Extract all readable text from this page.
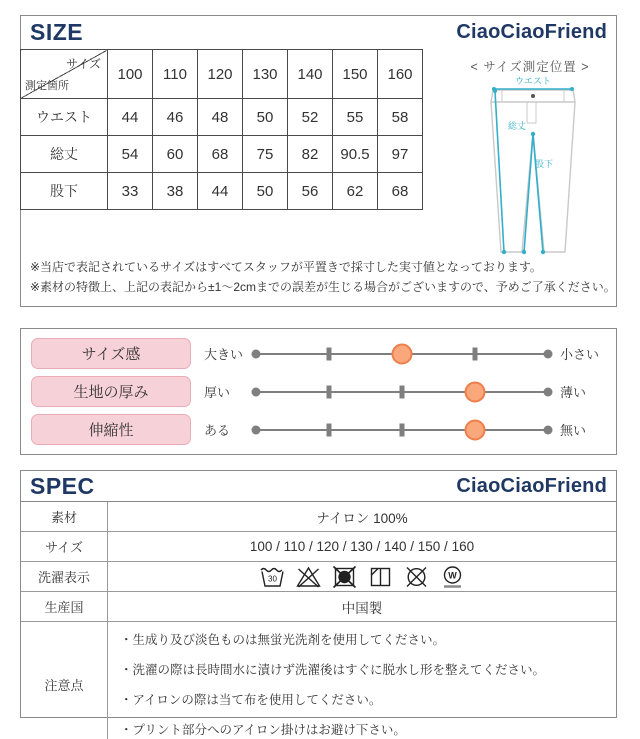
SIZE	CiaoCiaoFriend
サイズ
測定箇所	100	110	120	130	140	150	160
ウエスト	44	46	48	50	52	55	58
総丈	54	60	68	75	82	90.5	97
股下	33	38	44	50	56	62	68
< サイズ測定位置 >
ウエスト
総丈
股下
※当店で表記されているサイズはすべてスタッフが平置きで採寸した実寸値となっております。
※素材の特徴上、上記の表記から±1〜2cmまでの誤差が生じる場合がございますので、予めご了承ください。
サイズ感	大きい	小さい
生地の厚み	厚い	薄い
伸縮性	ある	無い
SPEC	CiaoCiaoFriend
素材	ナイロン 100%
サイズ	100 / 110 / 120 / 130 / 140 / 150 / 160
洗濯表示	30	W
生産国	中国製
注意点
・生成り及び淡色ものは無蛍光洗剤を使用してください。
・洗濯の際は長時間水に漬けず洗濯後はすぐに脱水し形を整えてください。
・アイロンの際は当て布を使用してください。
・プリント部分へのアイロン掛けはお避け下さい。
